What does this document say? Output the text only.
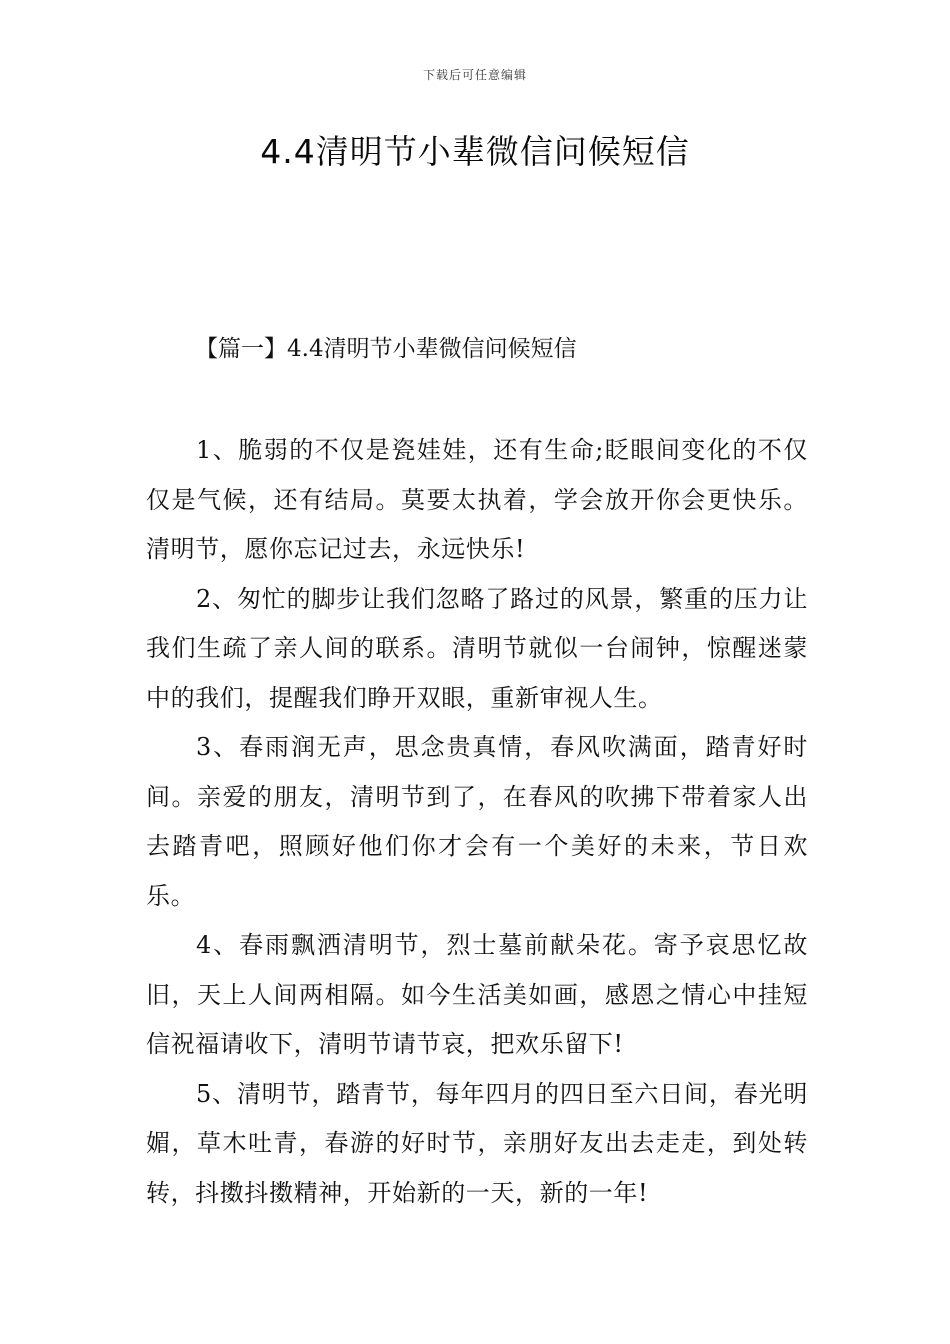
下载后可任意编辑
4.4清明节小辈微信问候短信
【篇一】4.4清明节小辈微信问候短信

1、脆弱的不仅是瓷娃娃，还有生命;眨眼间变化的不仅仅是气候，还有结局。莫要太执着，学会放开你会更快乐。清明节，愿你忘记过去，永远快乐!

2、匆忙的脚步让我们忽略了路过的风景，繁重的压力让我们生疏了亲人间的联系。清明节就似一台闹钟，惊醒迷蒙中的我们，提醒我们睁开双眼，重新审视人生。

3、春雨润无声，思念贵真情，春风吹满面，踏青好时间。亲爱的朋友，清明节到了，在春风的吹拂下带着家人出去踏青吧，照顾好他们你才会有一个美好的未来，节日欢乐。

4、春雨飘洒清明节，烈士墓前献朵花。寄予哀思忆故旧，天上人间两相隔。如今生活美如画，感恩之情心中挂短信祝福请收下，清明节请节哀，把欢乐留下!

5、清明节，踏青节，每年四月的四日至六日间，春光明媚，草木吐青，春游的好时节，亲朋好友出去走走，到处转转，抖擞抖擞精神，开始新的一天，新的一年!
